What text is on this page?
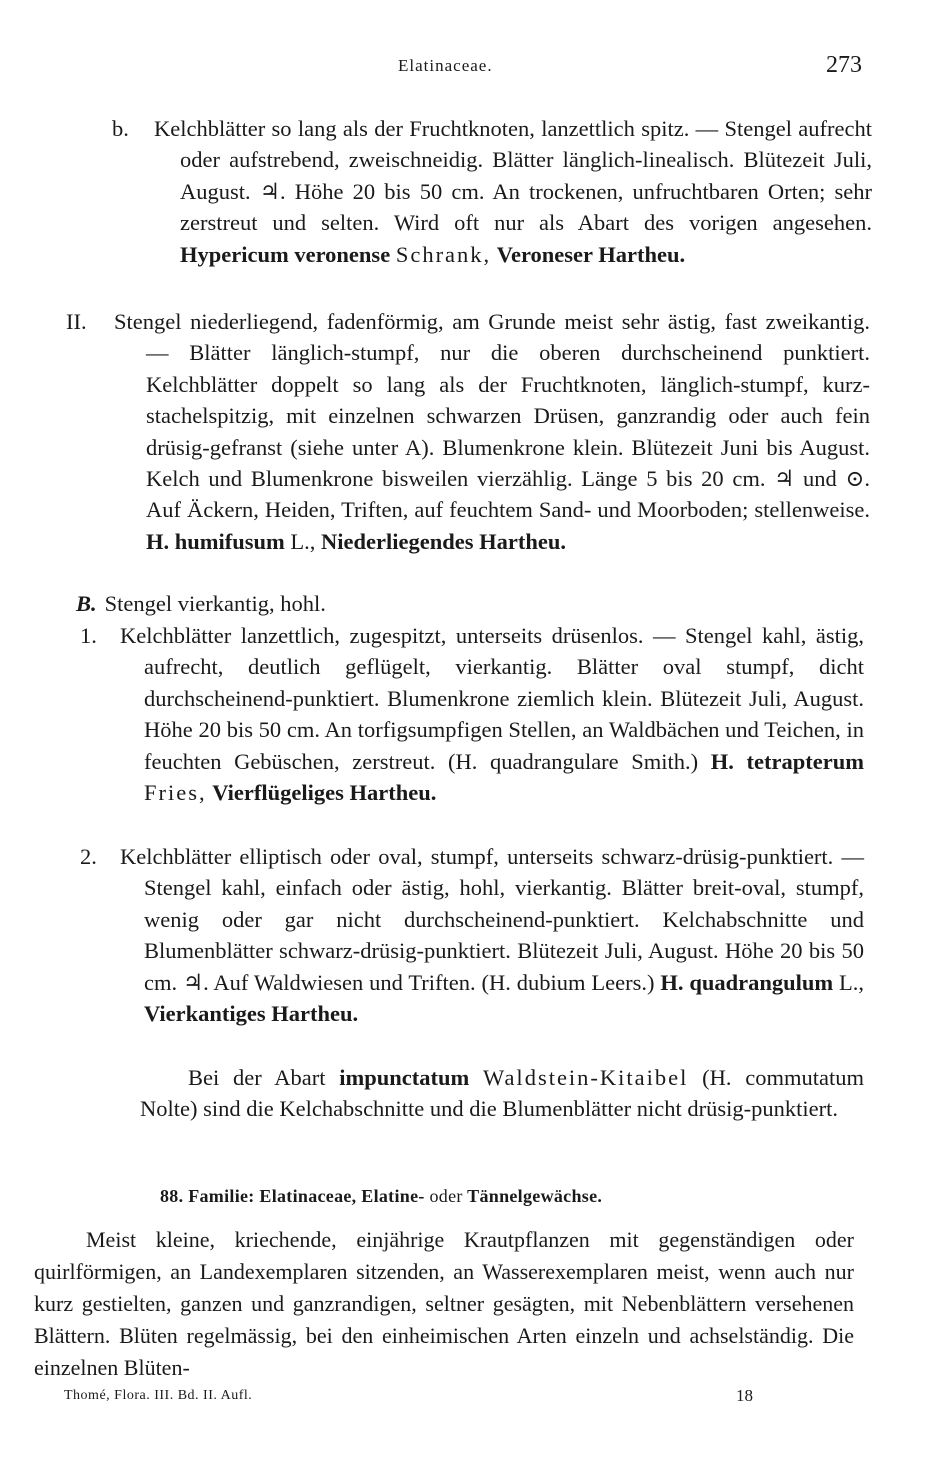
Elatinaceae.	273
b. Kelchblätter so lang als der Fruchtknoten, lanzettlich spitz. — Stengel aufrecht oder aufstrebend, zweischneidig. Blätter länglich-linealisch. Blütezeit Juli, August. ♃. Höhe 20 bis 50 cm. An trockenen, unfruchtbaren Orten; sehr zerstreut und selten. Wird oft nur als Abart des vorigen angesehen. Hypericum veronense Schrank, Veroneser Hartheu.
II. Stengel niederliegend, fadenförmig, am Grunde meist sehr ästig, fast zweikantig. — Blätter länglich-stumpf, nur die oberen durchscheinend punktiert. Kelchblätter doppelt so lang als der Fruchtknoten, länglich-stumpf, kurz-stachelspitzig, mit einzelnen schwarzen Drüsen, ganzrandig oder auch fein drüsig-gefranst (siehe unter A). Blumenkrone klein. Blütezeit Juni bis August. Kelch und Blumenkrone bisweilen vierzählig. Länge 5 bis 20 cm. ♃ und ⊙. Auf Äckern, Heiden, Triften, auf feuchtem Sand- und Moorboden; stellenweise. H. humifusum L., Niederliegendes Hartheu.
B. Stengel vierkantig, hohl.
1. Kelchblätter lanzettlich, zugespitzt, unterseits drüsenlos. — Stengel kahl, ästig, aufrecht, deutlich geflügelt, vierkantig. Blätter oval stumpf, dicht durchscheinend-punktiert. Blumenkrone ziemlich klein. Blütezeit Juli, August. Höhe 20 bis 50 cm. An torfigsumpfigen Stellen, an Waldbächen und Teichen, in feuchten Gebüschen, zerstreut. (H. quadrangulare Smith.) H. tetrapterum Fries, Vierflügeliges Hartheu.
2. Kelchblätter elliptisch oder oval, stumpf, unterseits schwarz-drüsig-punktiert. — Stengel kahl, einfach oder ästig, hohl, vierkantig. Blätter breit-oval, stumpf, wenig oder gar nicht durchscheinend-punktiert. Kelchabschnitte und Blumenblätter schwarz-drüsig-punktiert. Blütezeit Juli, August. Höhe 20 bis 50 cm. ♃. Auf Waldwiesen und Triften. (H. dubium Leers.) H. quadrangulum L., Vierkantiges Hartheu.
Bei der Abart impunctatum Waldstein-Kitaibel (H. commutatum Nolte) sind die Kelchabschnitte und die Blumenblätter nicht drüsig-punktiert.
88. Familie: Elatinaceae, Elatine- oder Tännelgewächse.
Meist kleine, kriechende, einjährige Krautpflanzen mit gegenständigen oder quirlförmigen, an Landexemplaren sitzenden, an Wasserexemplaren meist, wenn auch nur kurz gestielten, ganzen und ganzrandigen, seltner gesägten, mit Nebenblättern versehenen Blättern. Blüten regelmässig, bei den einheimischen Arten einzeln und achselständig. Die einzelnen Blüten-
Thomé, Flora. III. Bd. II. Aufl.	18
